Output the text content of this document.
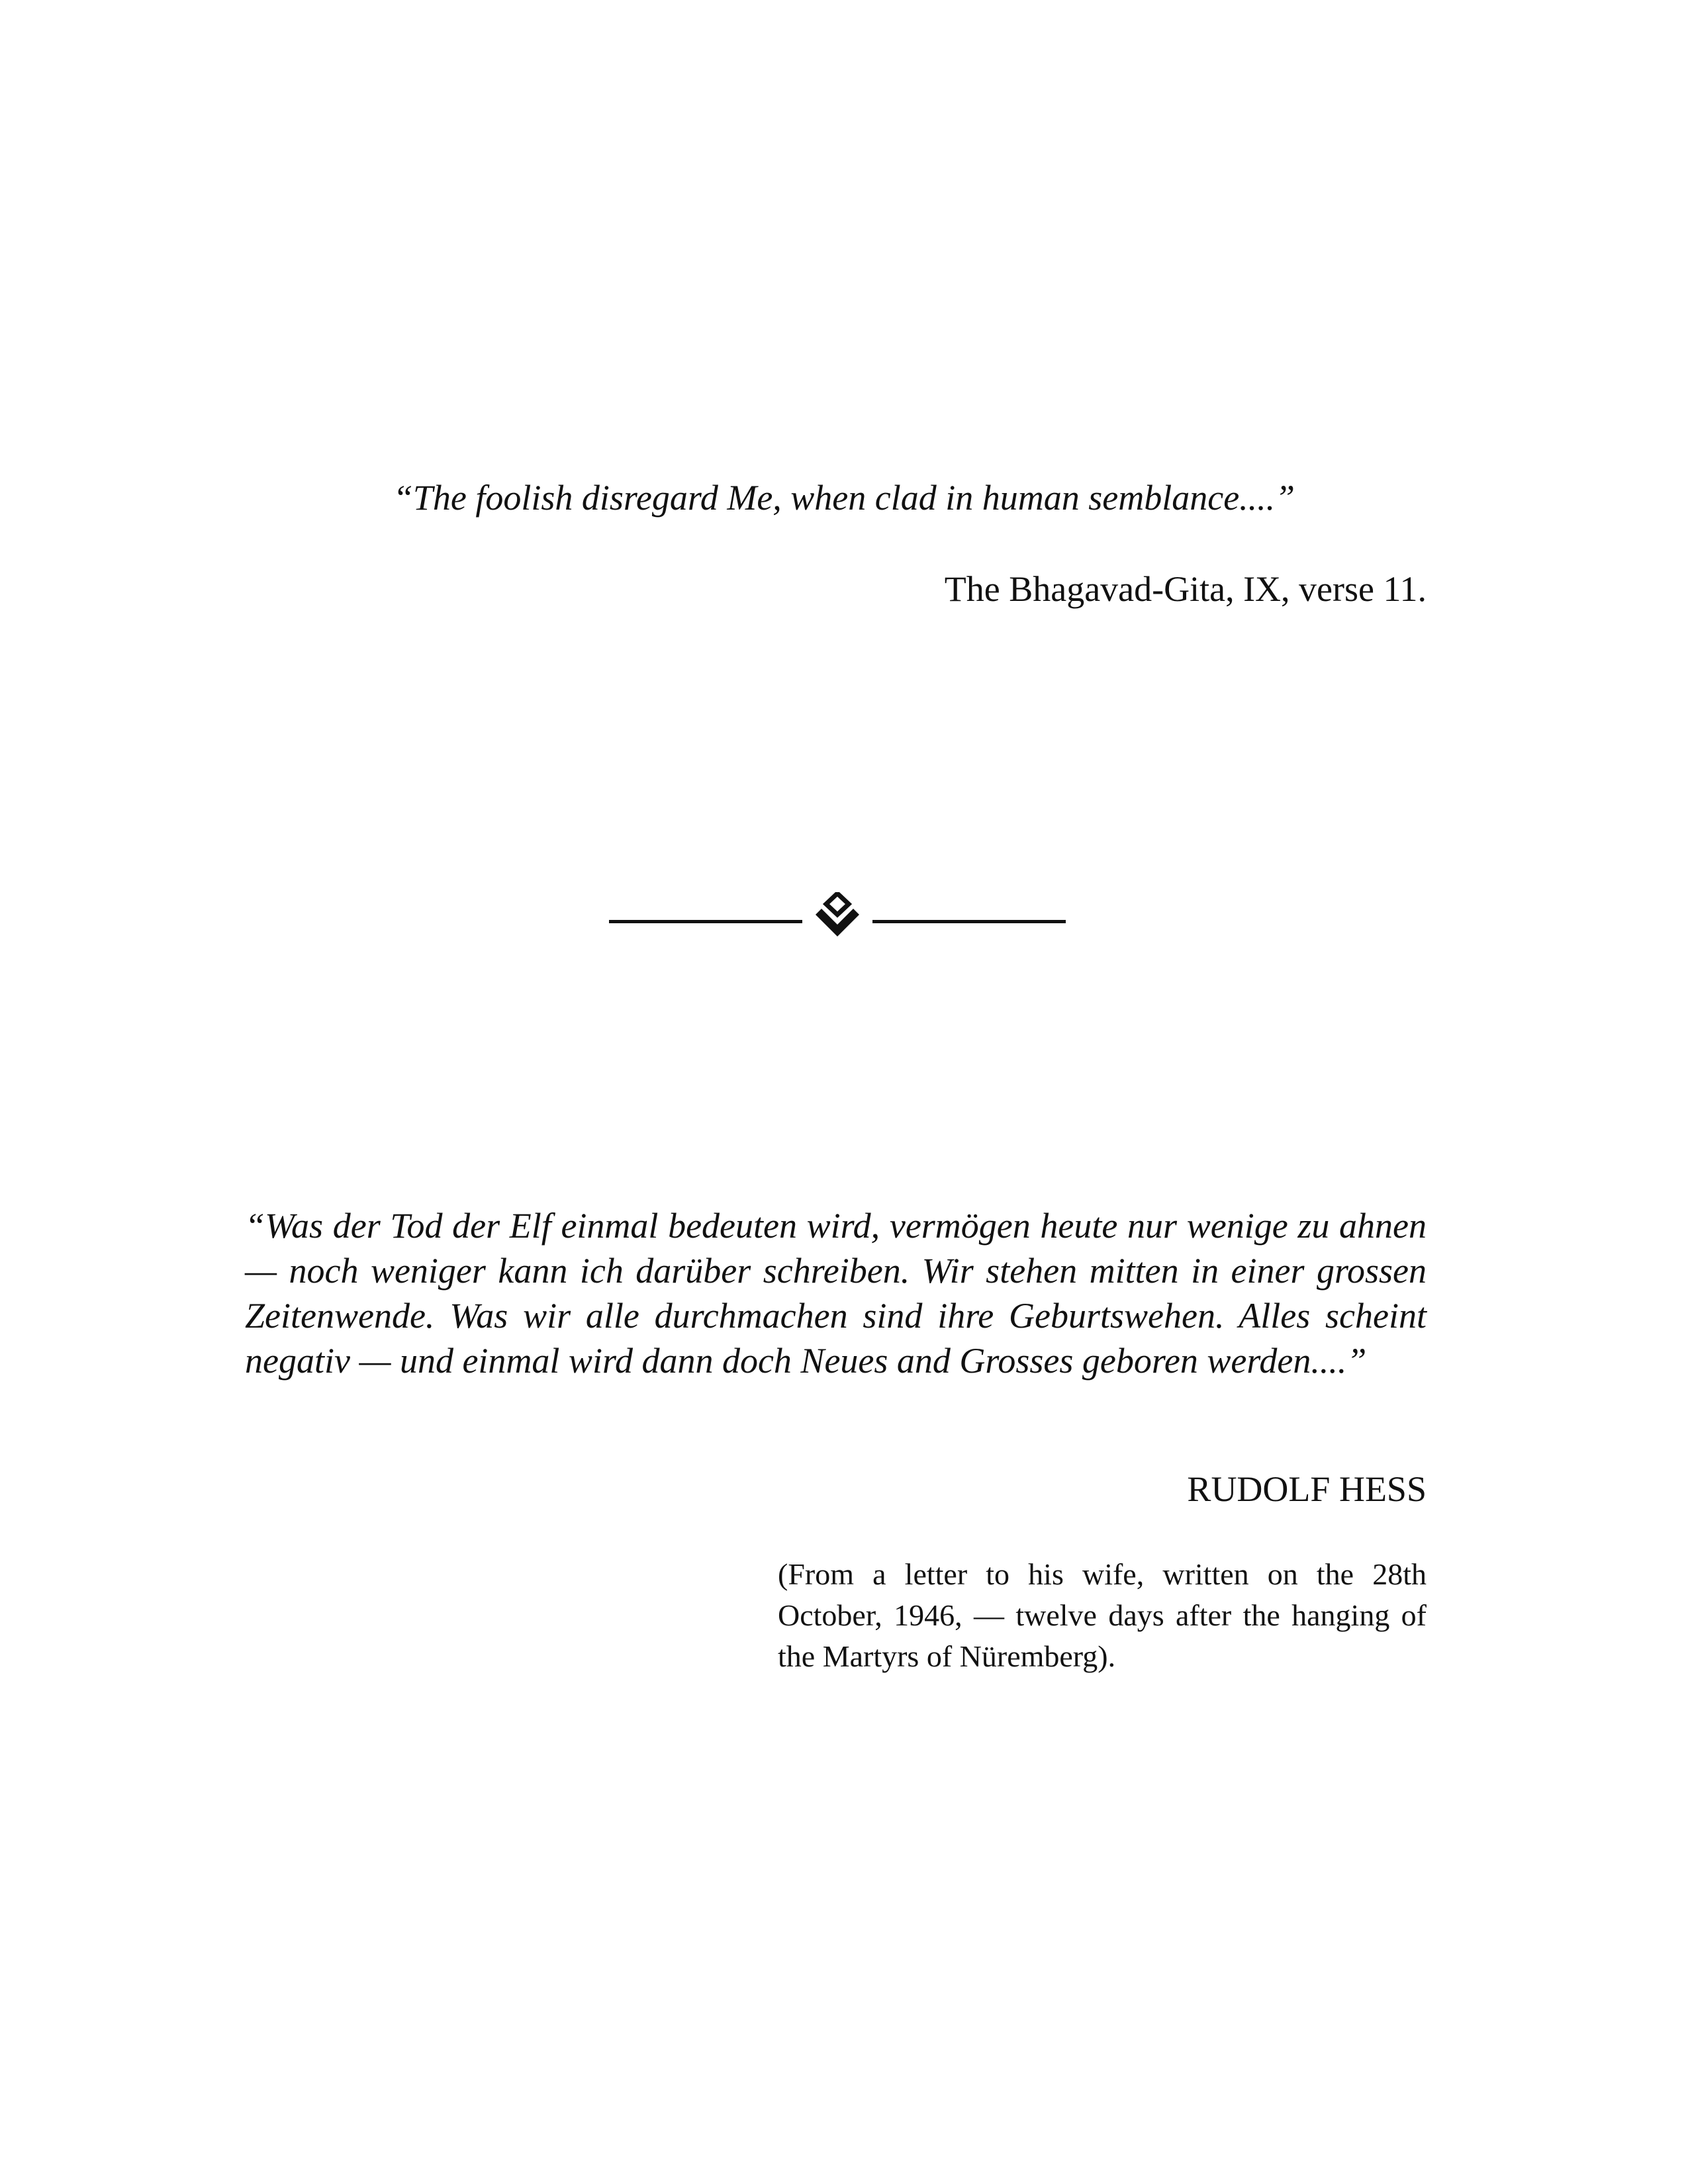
“The foolish disregard Me, when clad in human semblance....”
The Bhagavad-Gita, IX, verse 11.
“Was der Tod der Elf einmal bedeuten wird, vermögen heute nur wenige zu ahnen — noch weniger kann ich darüber schreiben. Wir stehen mitten in einer grossen Zeitenwende. Was wir alle durchmachen sind ihre Geburtswehen. Alles scheint negativ — und einmal wird dann doch Neues and Grosses geboren werden....”
RUDOLF HESS
(From a letter to his wife, written on the 28th October, 1946, — twelve days after the hanging of the Martyrs of Nüremberg).
